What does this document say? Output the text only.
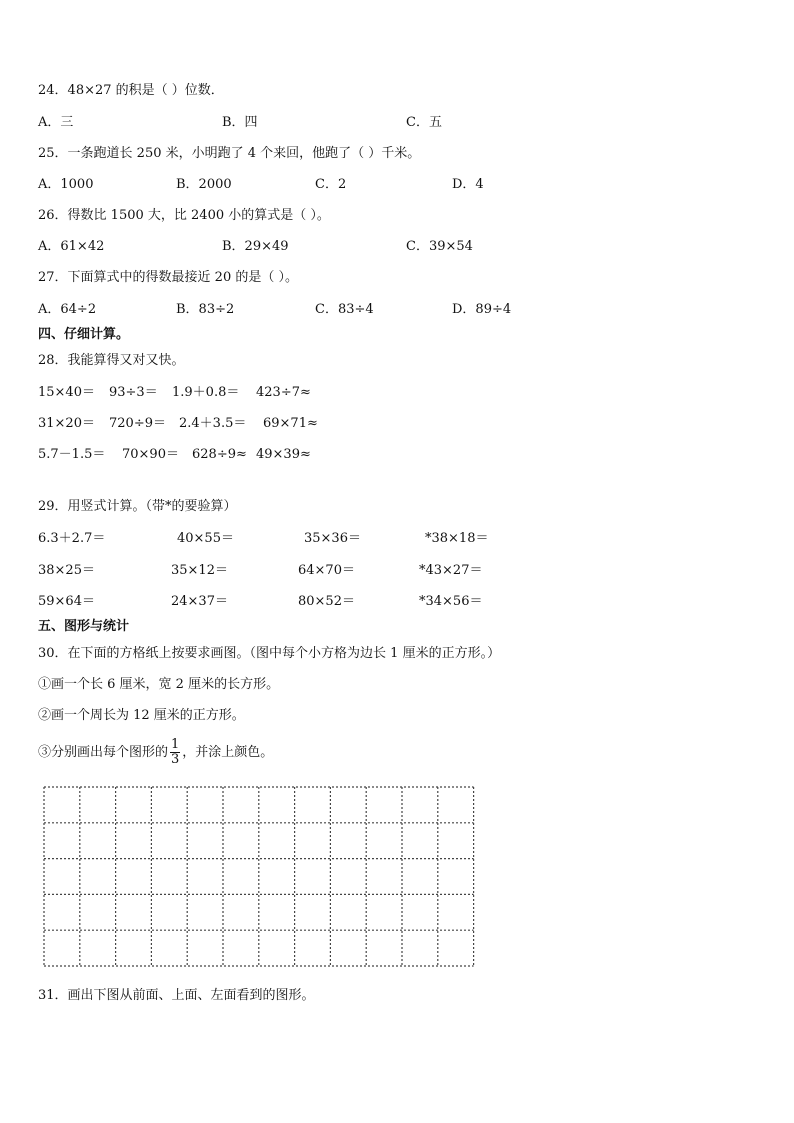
24．48×27 的积是（ ）位数．
A．三	B．四	C．五
25．一条跑道长 250 米，小明跑了 4 个来回，他跑了（ ）千米。
A．1000	B．2000	C．2	D．4
26．得数比 1500 大，比 2400 小的算式是（ ）。
A．61×42	B．29×49	C．39×54
27．下面算式中的得数最接近 20 的是（ ）。
A．64÷2	B．83÷2	C．83÷4	D．89÷4
四、仔细计算。
28．我能算得又对又快。
15×40＝ 93÷3＝ 1.9＋0.8＝ 423÷7≈
31×20＝ 720÷9＝ 2.4＋3.5＝ 69×71≈
5.7－1.5＝ 70×90＝ 628÷9≈ 49×39≈
29．用竖式计算。（带*的要验算）
6.3＋2.7＝	40×55＝	35×36＝	*38×18＝
38×25＝	35×12＝	64×70＝	*43×27＝
59×64＝	24×37＝	80×52＝	*34×56＝
五、图形与统计
30．在下面的方格纸上按要求画图。（图中每个小方格为边长 1 厘米的正方形。）
①画一个长 6 厘米，宽 2 厘米的长方形。
②画一个周长为 12 厘米的正方形。
③分别画出每个图形的 $\frac{1}{3}$ ，并涂上颜色。
31．画出下图从前面、上面、左面看到的图形。
